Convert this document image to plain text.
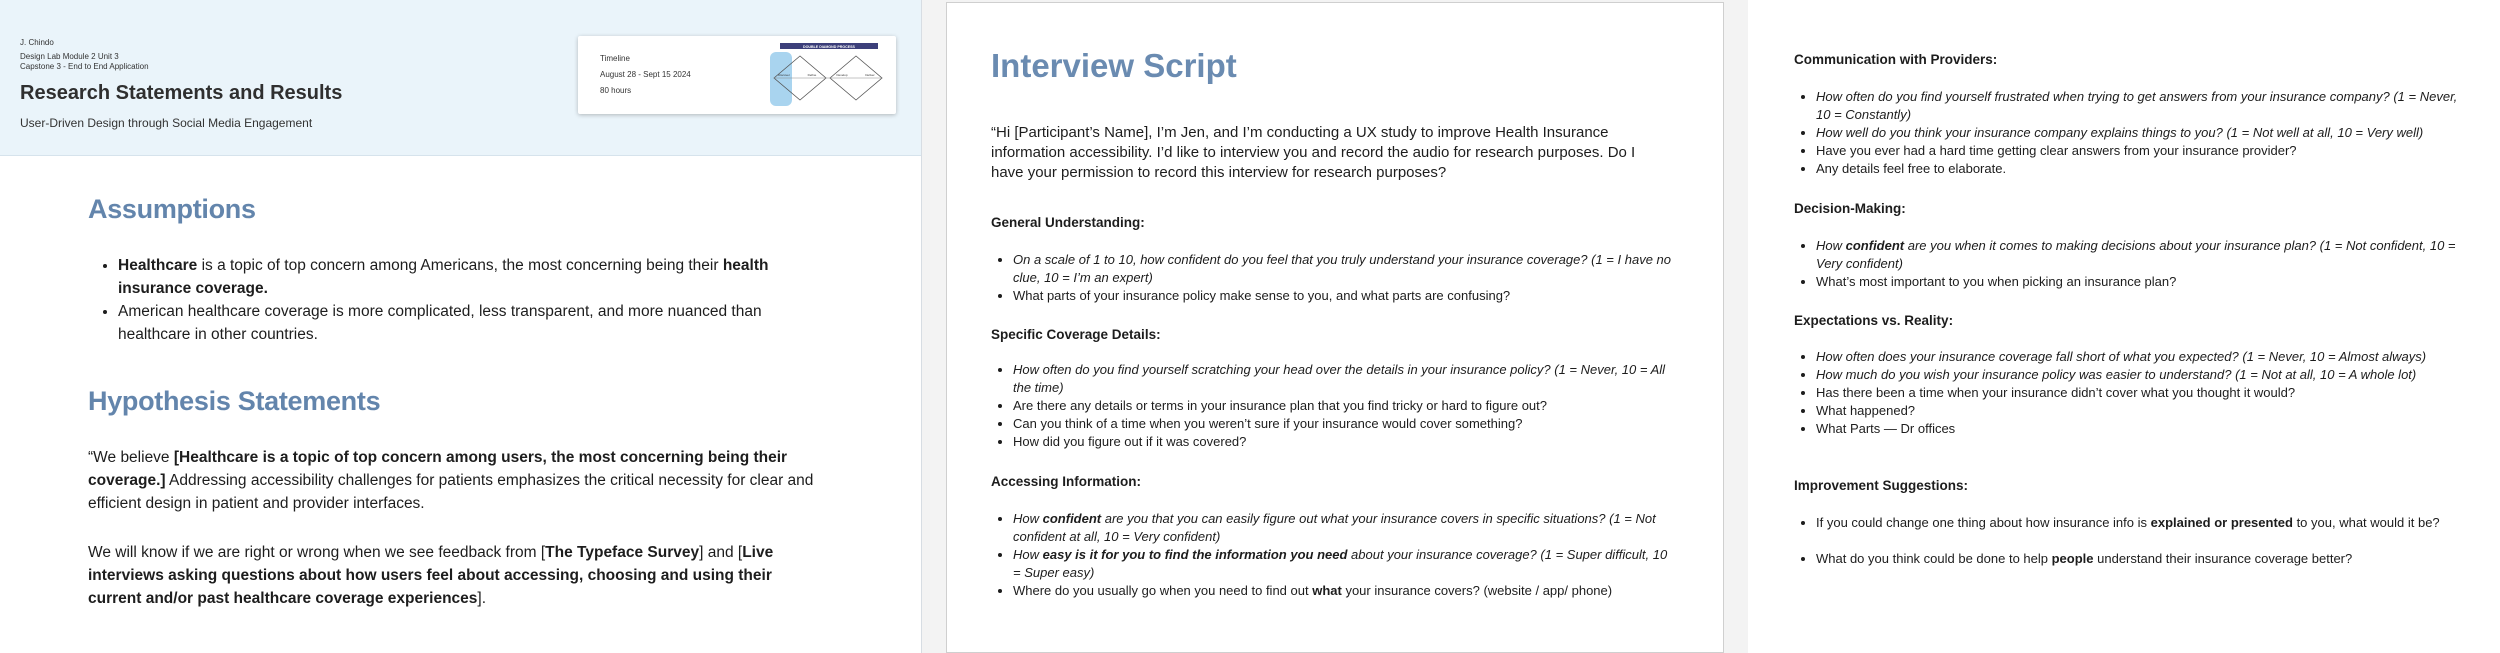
J. Chindo
Design Lab Module 2 Unit 3
Capstone 3 - End to End Application
Research Statements and Results
User-Driven Design through Social Media Engagement
Timeline
August 28 - Sept 15 2024
80 hours
DOUBLE DIAMOND PROCESS
Discover	Define	Develop	Deliver
Assumptions
• Healthcare is a topic of top concern among Americans, the most concerning being their health insurance coverage.
• American healthcare coverage is more complicated, less transparent, and more nuanced than healthcare in other countries.
Hypothesis Statements

“We believe [Healthcare is a topic of top concern among users, the most concerning being their coverage.] Addressing accessibility challenges for patients emphasizes the critical necessity for clear and efficient design in patient and provider interfaces.

We will know if we are right or wrong when we see feedback from [The Typeface Survey] and [Live interviews asking questions about how users feel about accessing, choosing and using their current and/or past healthcare coverage experiences].

Interview Script

“Hi [Participant’s Name], I’m Jen, and I’m conducting a UX study to improve Health Insurance information accessibility. I’d like to interview you and record the audio for research purposes. Do I have your permission to record this interview for research purposes?

General Understanding:
• On a scale of 1 to 10, how confident do you feel that you truly understand your insurance coverage? (1 = I have no clue, 10 = I’m an expert)
• What parts of your insurance policy make sense to you, and what parts are confusing?
Specific Coverage Details:
• How often do you find yourself scratching your head over the details in your insurance policy? (1 = Never, 10 = All the time)
• Are there any details or terms in your insurance plan that you find tricky or hard to figure out?
• Can you think of a time when you weren’t sure if your insurance would cover something?
• How did you figure out if it was covered?
Accessing Information:
• How confident are you that you can easily figure out what your insurance covers in specific situations? (1 = Not confident at all, 10 = Very confident)
• How easy is it for you to find the information you need about your insurance coverage? (1 = Super difficult, 10 = Super easy)
• Where do you usually go when you need to find out what your insurance covers? (website / app/ phone)
Communication with Providers:
• How often do you find yourself frustrated when trying to get answers from your insurance company? (1 = Never, 10 = Constantly)
• How well do you think your insurance company explains things to you? (1 = Not well at all, 10 = Very well)
• Have you ever had a hard time getting clear answers from your insurance provider?
• Any details feel free to elaborate.
Decision-Making:
• How confident are you when it comes to making decisions about your insurance plan? (1 = Not confident, 10 = Very confident)
• What’s most important to you when picking an insurance plan?
Expectations vs. Reality:
• How often does your insurance coverage fall short of what you expected? (1 = Never, 10 = Almost always)
• How much do you wish your insurance policy was easier to understand? (1 = Not at all, 10 = A whole lot)
• Has there been a time when your insurance didn’t cover what you thought it would?
• What happened?
• What Parts — Dr offices
Improvement Suggestions:
• If you could change one thing about how insurance info is explained or presented to you, what would it be?
• What do you think could be done to help people understand their insurance coverage better?
